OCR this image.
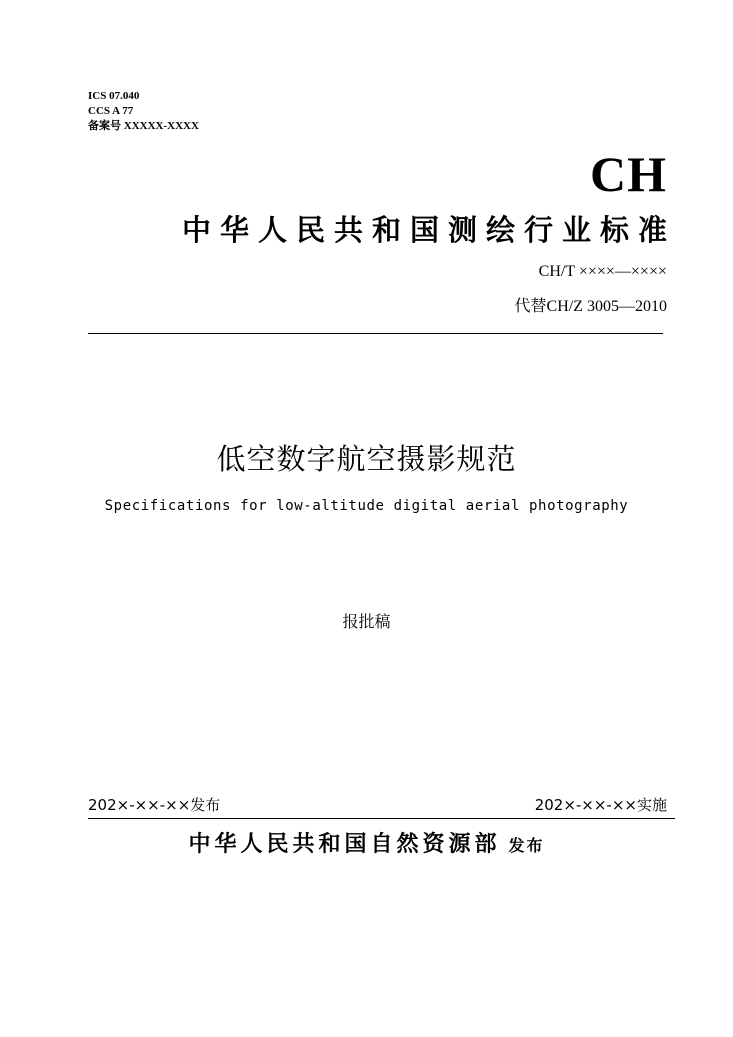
ICS 07.040
CCS A 77
备案号 XXXXX-XXXX
CH
中华人民共和国测绘行业标准
CH/T ××××—××××
代替CH/Z 3005—2010
低空数字航空摄影规范
Specifications for low-altitude digital aerial photography
报批稿
202×-××-××发布	202×-××-××实施
中华人民共和国自然资源部 发布
